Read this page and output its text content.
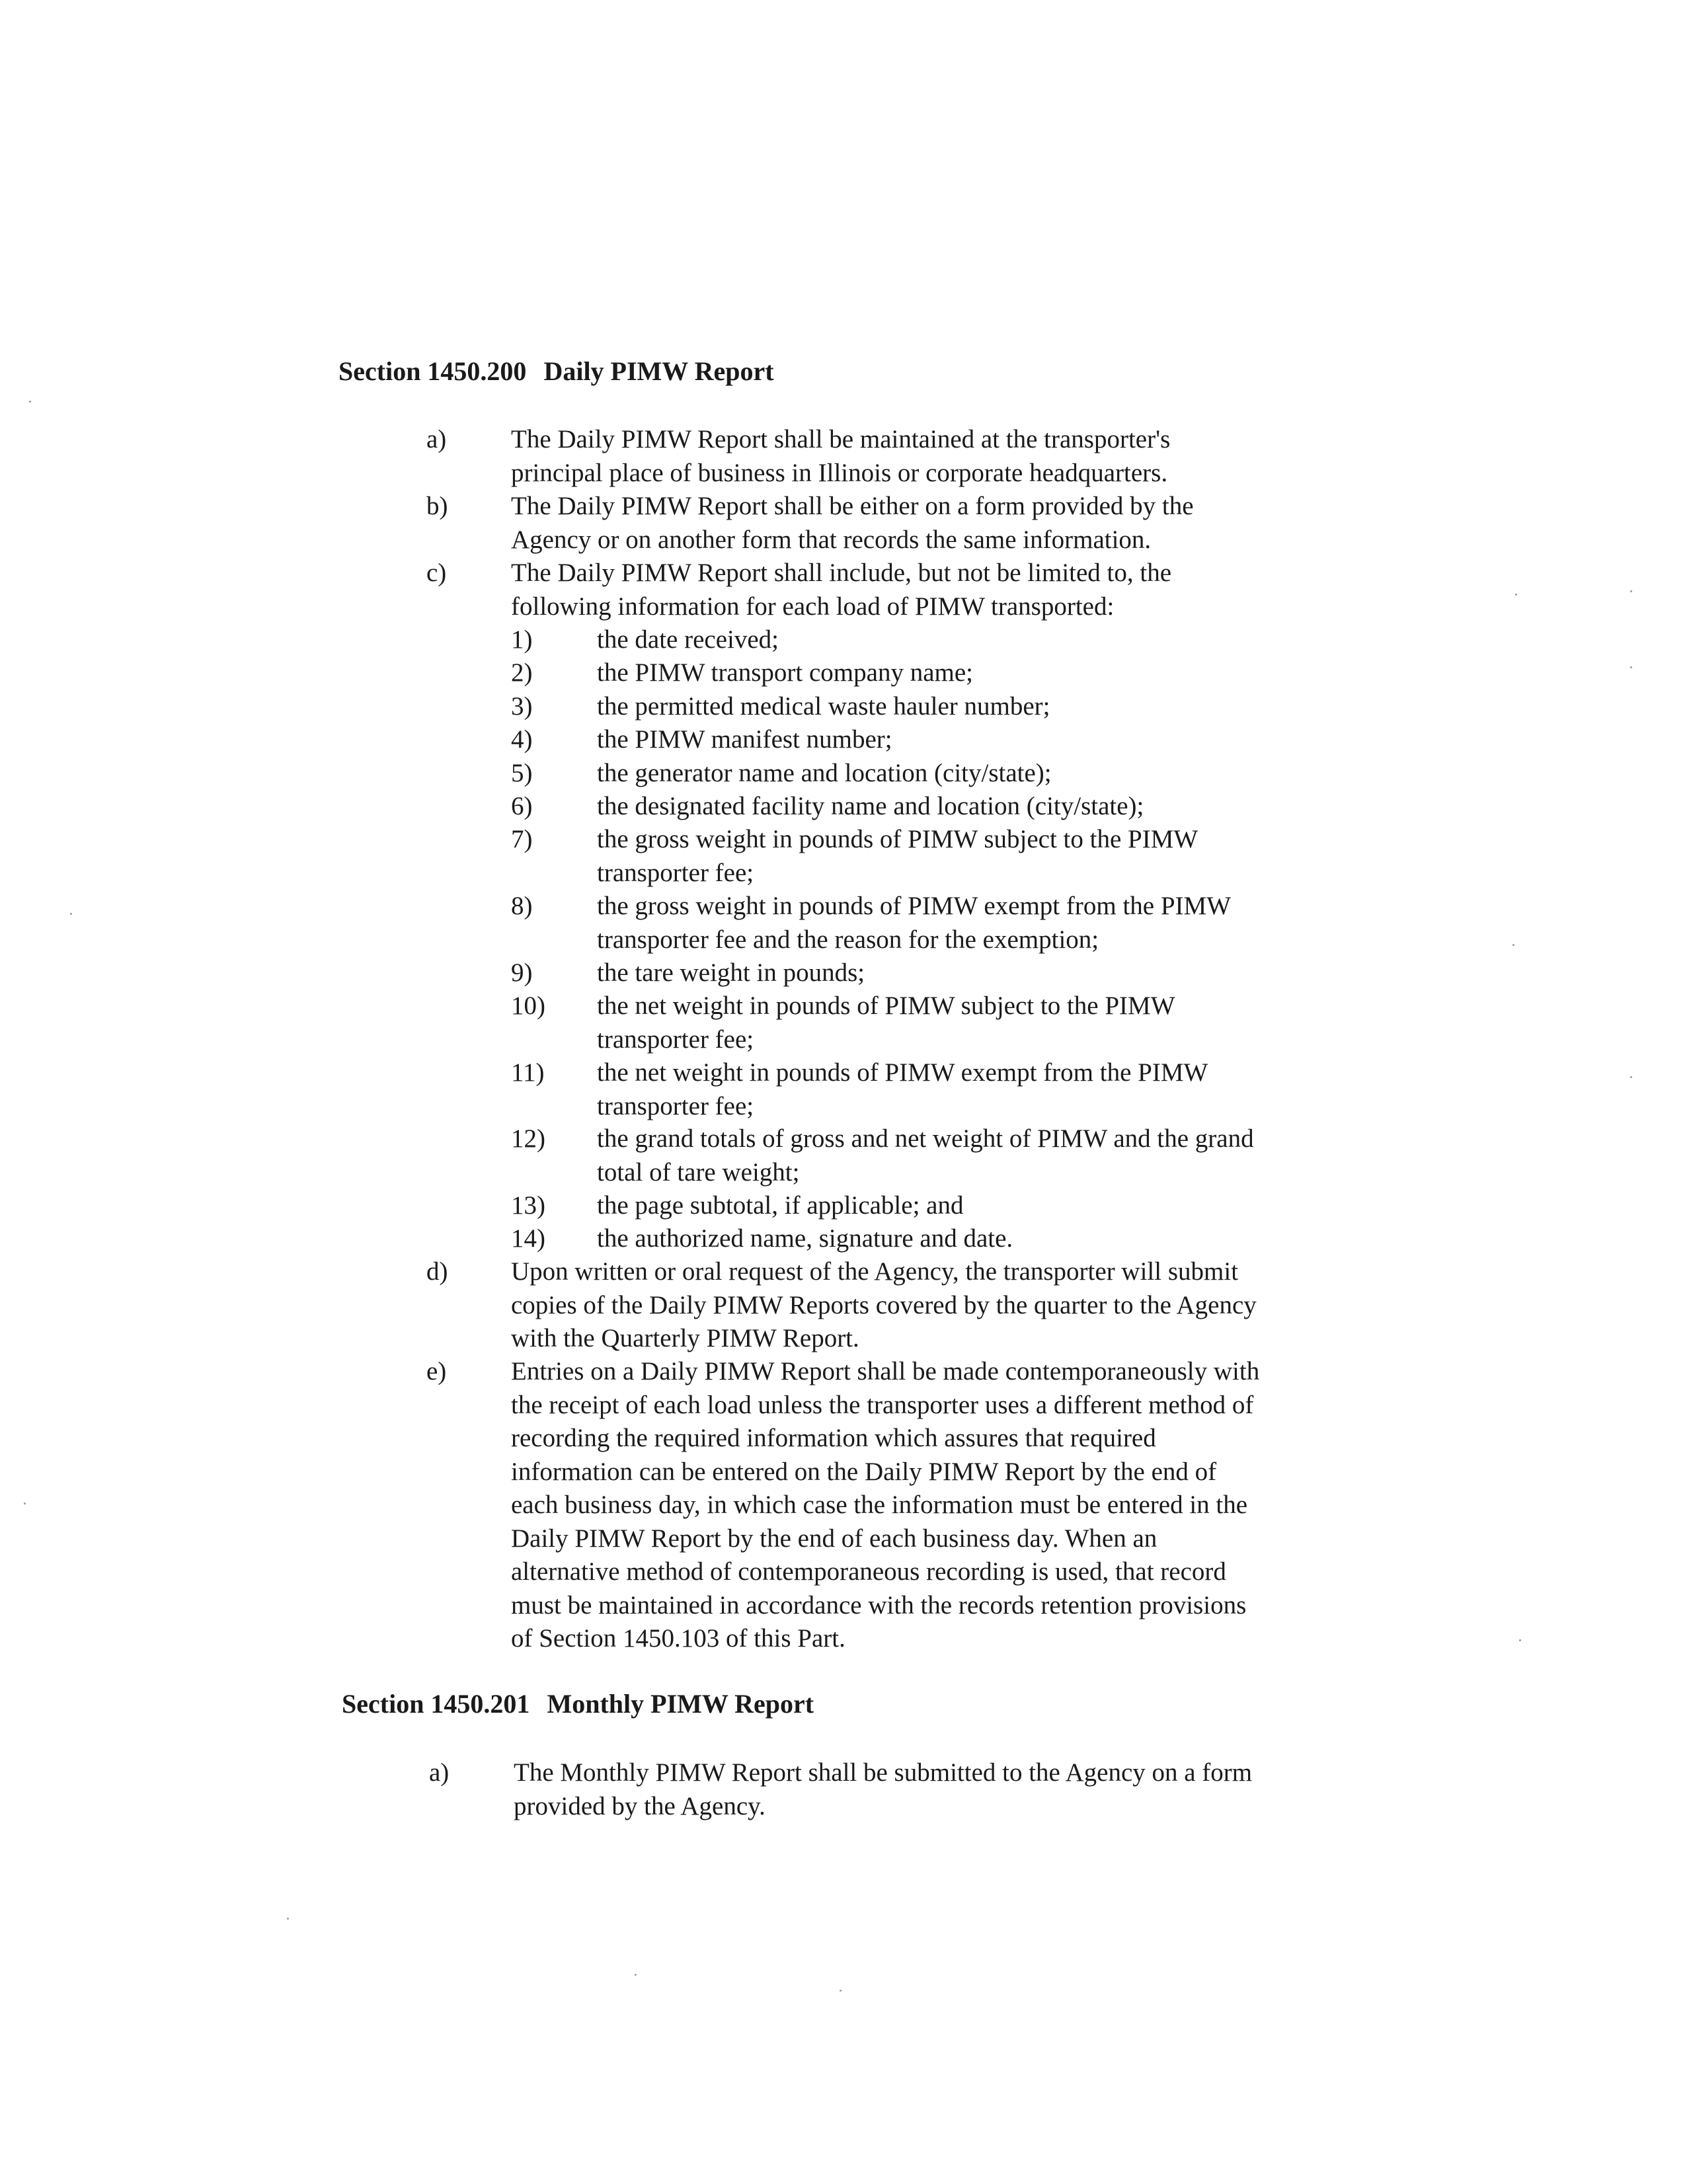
Section 1450.200 Daily PIMW Report
a)	The Daily PIMW Report shall be maintained at the transporter's
principal place of business in Illinois or corporate headquarters.
b) The Daily PIMW Report shall be either on a form provided by the
Agency or on another form that records the same information.
c)	The Daily PIMW Report shall include, but not be limited to, the
following information for each load of PIMW transported:
1)	the date received;
2)	the PIMW transport company name;
3)	the permitted medical waste hauler number;
4)	the PIMW manifest number;
5)	the generator name and location (city/state);
6)	the designated facility name and location (city/state);
7)	the gross weight in pounds of PIMW subject to the PIMW
transporter fee;
8)	the gross weight in pounds of PIMW exempt from the PIMW
transporter fee and the reason for the exemption;
9)	the tare weight in pounds;
10) the net weight in pounds of PIMW subject to the PIMW
transporter fee;
11) the net weight in pounds of PIMW exempt from the PIMW
transporter fee;
12) the grand totals of gross and net weight of PIMW and the grand
total of tare weight;
13) the page subtotal, if applicable; and
14) the authorized name, signature and date.
d) Upon written or oral request of the Agency, the transporter will submit
copies of the Daily PIMW Reports covered by the quarter to the Agency
with the Quarterly PIMW Report.
e)	Entries on a Daily PIMW Report shall be made contemporaneously with
the receipt of each load unless the transporter uses a different method of
recording the required information which assures that required
information can be entered on the Daily PIMW Report by the end of
each business day, in which case the information must be entered in the
Daily PIMW Report by the end of each business day. When an
alternative method of contemporaneous recording is used, that record
must be maintained in accordance with the records retention provisions
of Section 1450.103 of this Part.
Section 1450.201 Monthly PIMW Report
a)	The Monthly PIMW Report shall be submitted to the Agency on a form
provided by the Agency.
